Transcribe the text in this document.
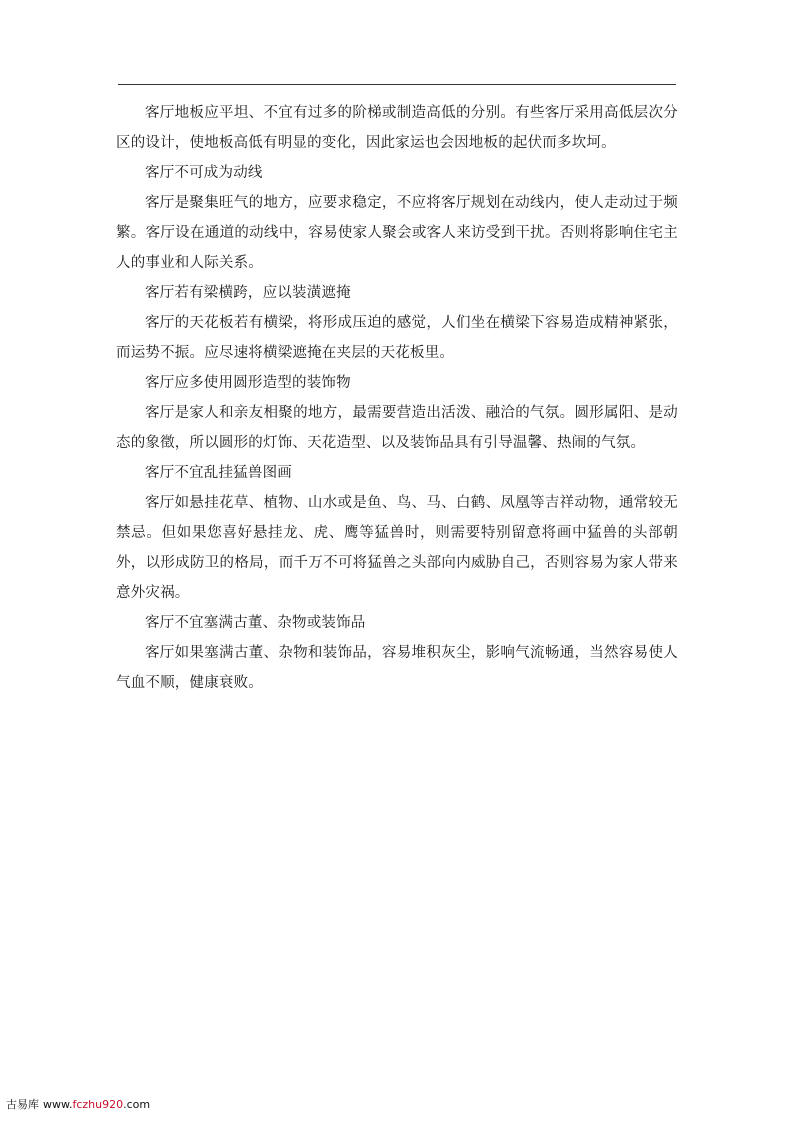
客厅地板应平坦、不宜有过多的阶梯或制造高低的分别。有些客厅采用高低层次分区的设计，使地板高低有明显的变化，因此家运也会因地板的起伏而多坎坷。

客厅不可成为动线

客厅是聚集旺气的地方，应要求稳定，不应将客厅规划在动线内，使人走动过于频繁。客厅设在通道的动线中，容易使家人聚会或客人来访受到干扰。否则将影响住宅主人的事业和人际关系。

客厅若有梁横跨，应以装潢遮掩

客厅的天花板若有横梁，将形成压迫的感觉，人们坐在横梁下容易造成精神紧张，而运势不振。应尽速将横梁遮掩在夹层的天花板里。

客厅应多使用圆形造型的装饰物

客厅是家人和亲友相聚的地方，最需要营造出活泼、融洽的气氛。圆形属阳、是动态的象徵，所以圆形的灯饰、天花造型、以及装饰品具有引导温馨、热闹的气氛。

客厅不宜乱挂猛兽图画

客厅如悬挂花草、植物、山水或是鱼、鸟、马、白鹤、凤凰等吉祥动物，通常较无禁忌。但如果您喜好悬挂龙、虎、鹰等猛兽时，则需要特别留意将画中猛兽的头部朝外，以形成防卫的格局，而千万不可将猛兽之头部向内威胁自己，否则容易为家人带来意外灾祸。

客厅不宜塞满古董、杂物或装饰品

客厅如果塞满古董、杂物和装饰品，容易堆积灰尘，影响气流畅通，当然容易使人气血不顺，健康衰败。

古易库 www.fczhu920.com
